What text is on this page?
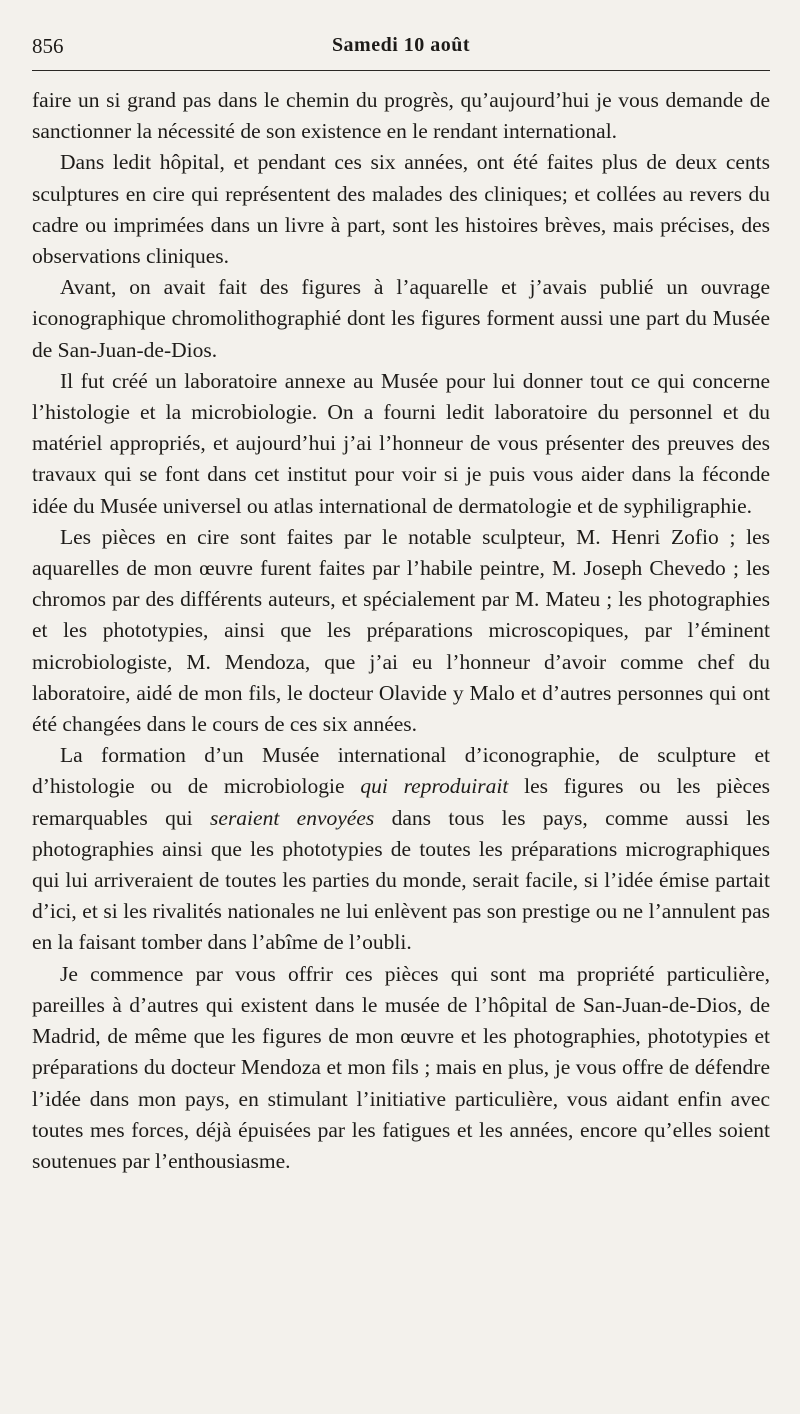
856	Samedi 10 août

faire un si grand pas dans le chemin du progrès, qu’aujourd’hui je vous demande de sanctionner la nécessité de son existence en le rendant international.

Dans ledit hôpital, et pendant ces six années, ont été faites plus de deux cents sculptures en cire qui représentent des malades des cliniques; et collées au revers du cadre ou imprimées dans un livre à part, sont les histoires brèves, mais précises, des observations cliniques.

Avant, on avait fait des figures à l’aquarelle et j’avais publié un ouvrage iconographique chromolithographié dont les figures forment aussi une part du Musée de San-Juan-de-Dios.

Il fut créé un laboratoire annexe au Musée pour lui donner tout ce qui concerne l’histologie et la microbiologie. On a fourni ledit laboratoire du personnel et du matériel appropriés, et aujourd’hui j’ai l’honneur de vous présenter des preuves des travaux qui se font dans cet institut pour voir si je puis vous aider dans la féconde idée du Musée universel ou atlas international de dermatologie et de syphiligraphie.

Les pièces en cire sont faites par le notable sculpteur, M. Henri Zofio ; les aquarelles de mon œuvre furent faites par l’habile peintre, M. Joseph Chevedo ; les chromos par des différents auteurs, et spécialement par M. Mateu ; les photographies et les phototypies, ainsi que les préparations microscopiques, par l’éminent microbiologiste, M. Mendoza, que j’ai eu l’honneur d’avoir comme chef du laboratoire, aidé de mon fils, le docteur Olavide y Malo et d’autres personnes qui ont été changées dans le cours de ces six années.

La formation d’un Musée international d’iconographie, de sculpture et d’histologie ou de microbiologie qui reproduirait les figures ou les pièces remarquables qui seraient envoyées dans tous les pays, comme aussi les photographies ainsi que les phototypies de toutes les préparations micrographiques qui lui arriveraient de toutes les parties du monde, serait facile, si l’idée émise partait d’ici, et si les rivalités nationales ne lui enlèvent pas son prestige ou ne l’annulent pas en la faisant tomber dans l’abîme de l’oubli.

Je commence par vous offrir ces pièces qui sont ma propriété particulière, pareilles à d’autres qui existent dans le musée de l’hôpital de San-Juan-de-Dios, de Madrid, de même que les figures de mon œuvre et les photographies, phototypies et préparations du docteur Mendoza et mon fils ; mais en plus, je vous offre de défendre l’idée dans mon pays, en stimulant l’initiative particulière, vous aidant enfin avec toutes mes forces, déjà épuisées par les fatigues et les années, encore qu’elles soient soutenues par l’enthousiasme.
